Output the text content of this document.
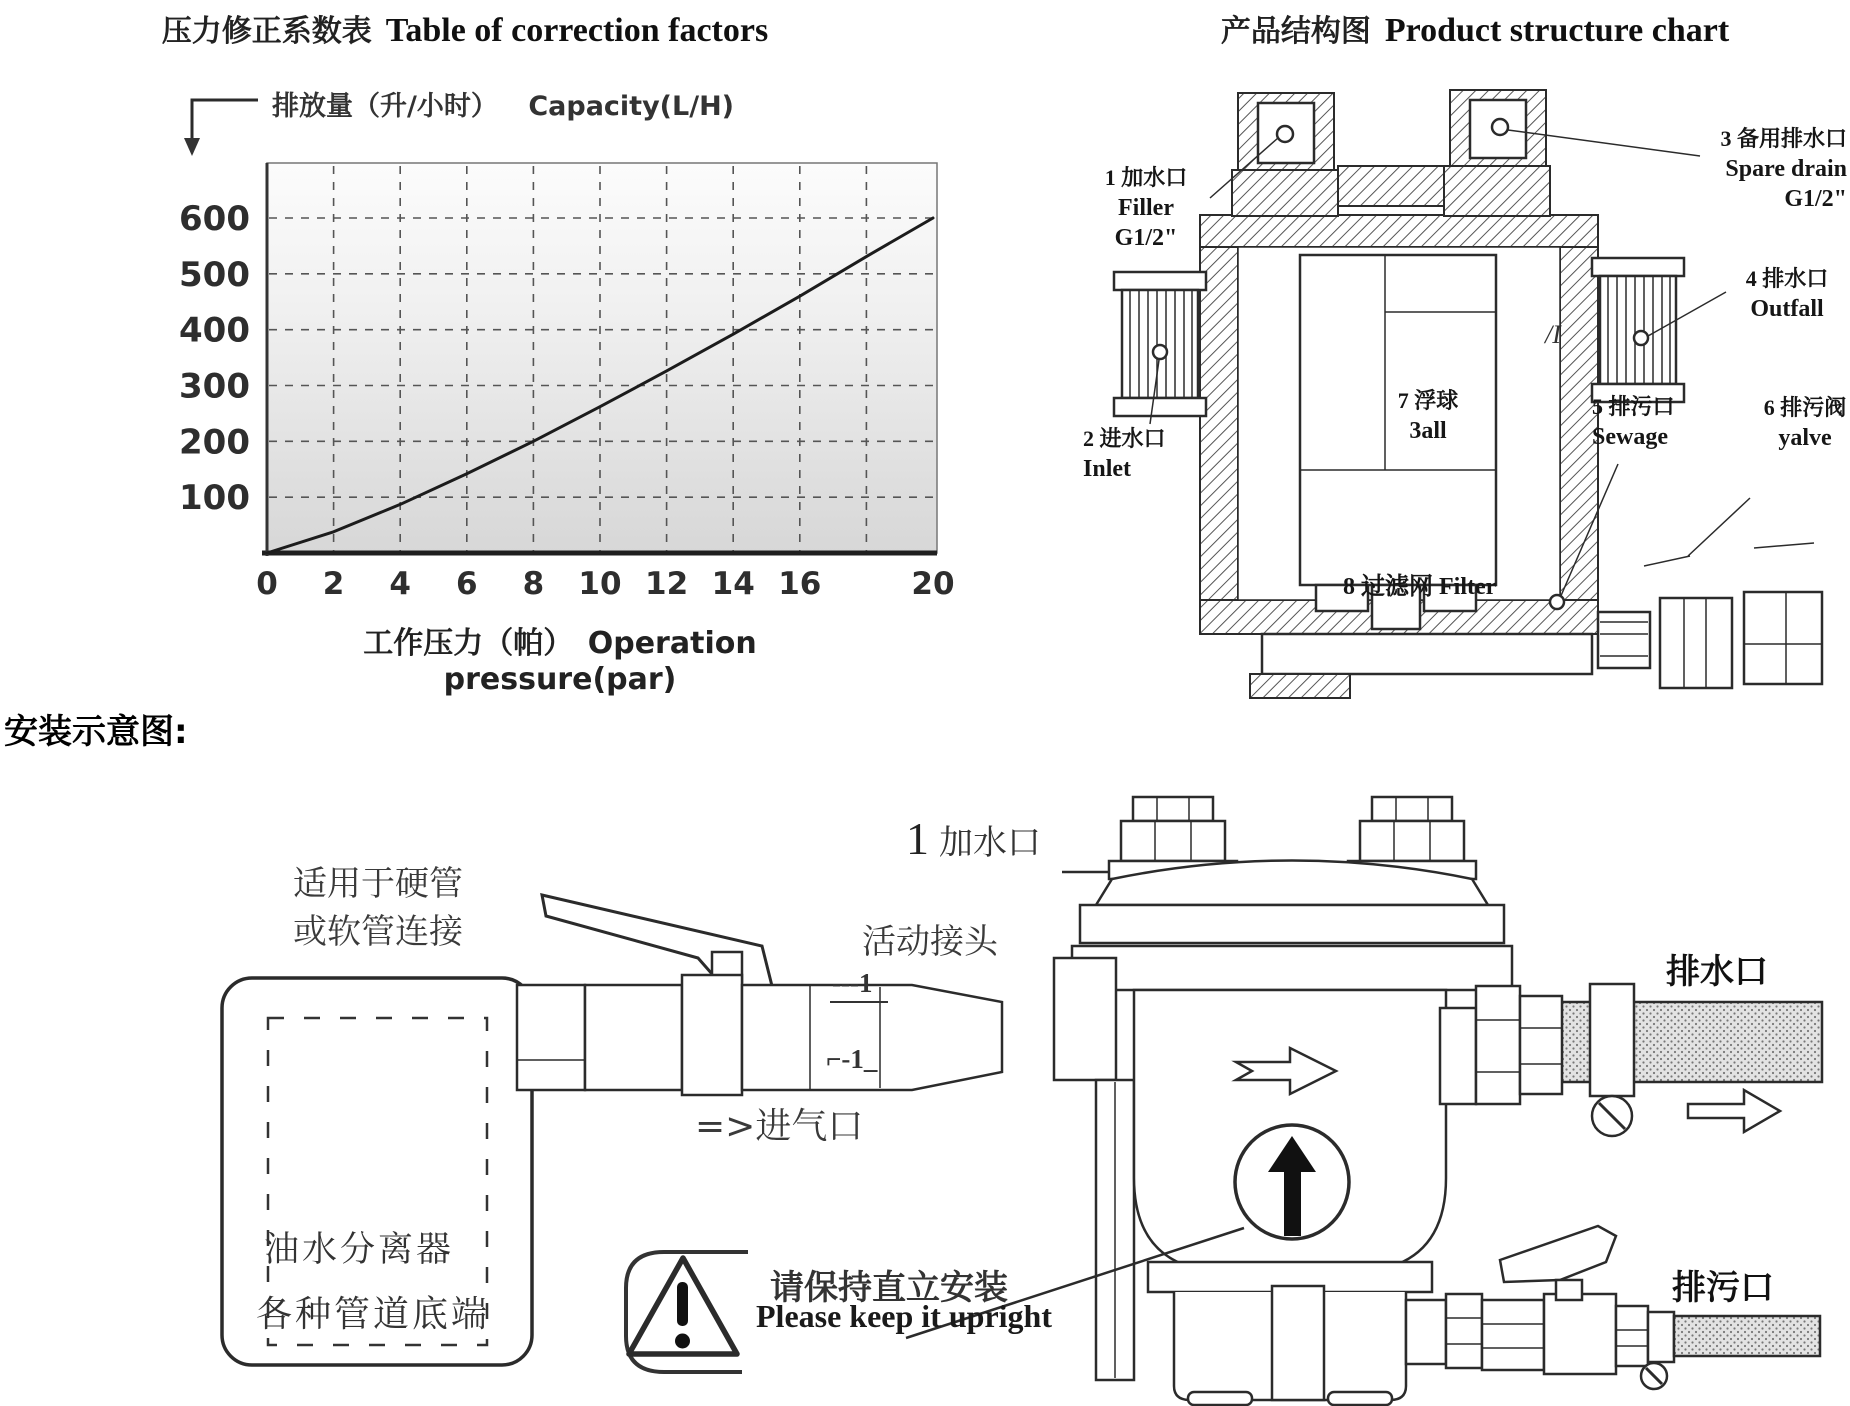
压力修正系数表 Table of correction factors
100
200
300
400
500
600
0 2 4 6 8 10 12 14 16	20
排放量（升/小时） Capacity(L/H)
工作压力（帕） Operation pressure(par)
产品结构图 Product structure chart
1 加水口
Filler
G1/2"
3 备用排水口
Spare drain
G1/2"
4 排水口
Outfall
2 进水口
Inlet
7 浮球
3all
5 排污口
Sewage
6 排污阀
yalve
8 过滤网 Filter
/I
安装示意图:
适用于硬管
或软管连接
油水分离器
各种管道底端
活动接头
---1
⌐-1_
=>进气口
请保持直立安装
Please keep it upright
1 加水口
排水口
排污口
